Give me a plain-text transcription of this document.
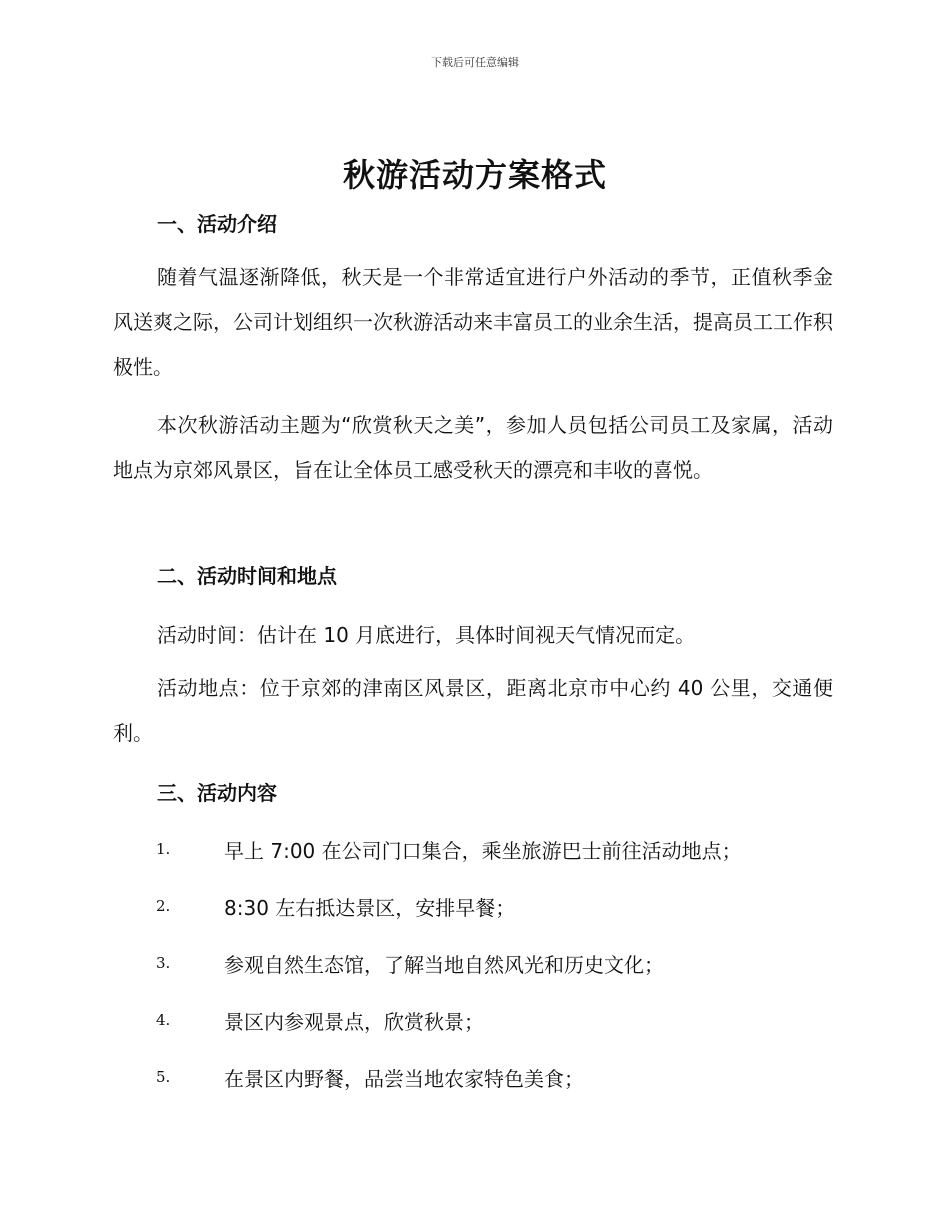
下载后可任意编辑
秋游活动方案格式
一、活动介绍
随着气温逐渐降低，秋天是一个非常适宜进行户外活动的季节，正值秋季金风送爽之际，公司计划组织一次秋游活动来丰富员工的业余生活，提高员工工作积极性。
本次秋游活动主题为“欣赏秋天之美”，参加人员包括公司员工及家属，活动地点为京郊风景区，旨在让全体员工感受秋天的漂亮和丰收的喜悦。
二、活动时间和地点
活动时间：估计在 10 月底进行，具体时间视天气情况而定。
活动地点：位于京郊的津南区风景区，距离北京市中心约 40 公里，交通便利。
三、活动内容
1.	早上 7:00 在公司门口集合，乘坐旅游巴士前往活动地点；
2.	8:30 左右抵达景区，安排早餐；
3.	参观自然生态馆，了解当地自然风光和历史文化；
4.	景区内参观景点，欣赏秋景；
5.	在景区内野餐，品尝当地农家特色美食；
